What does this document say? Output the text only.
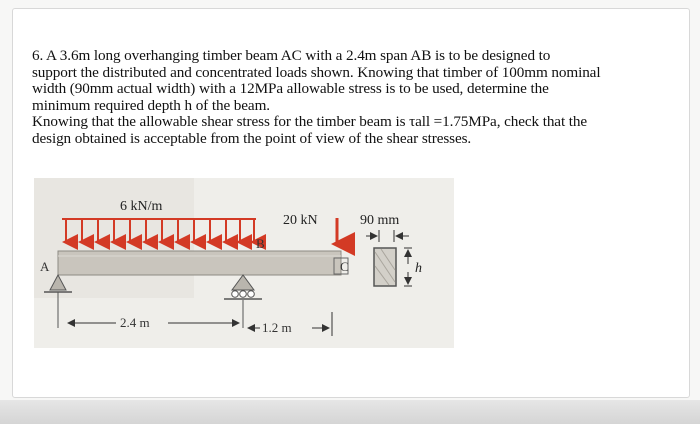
6. A 3.6m long overhanging timber beam AC with a 2.4m span AB is to be designed to

support the distributed and concentrated loads shown. Knowing that timber of 100mm nominal

width (90mm actual width) with a 12MPa allowable stress is to be used, determine the

minimum required depth h of the beam.

Knowing that the allowable shear stress for the timber beam is τall =1.75MPa, check that the

design obtained is acceptable from the point of view of the shear stresses.

6 kN/m
A
B
C
20 kN
2.4 m	1.2 m
90 mm
h
